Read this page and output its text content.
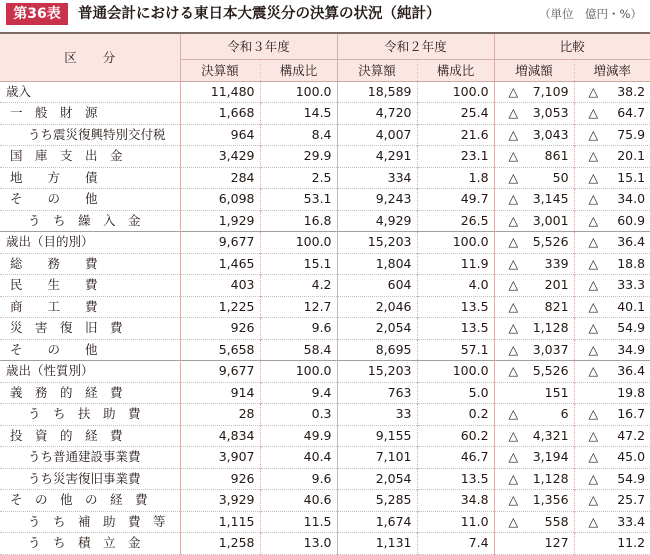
第36表	普通会計における東日本大震災分の決算の状況（純計）	（単位　億円・%）
区分	令和３年度		令和２年度		比較	
	決算額	構成比	決算額	構成比	増減額	増減率
歳入	11,480	100.0	18,589	100.0	△ 7,109	△ 38.2
一　般　財　源	1,668	14.5	4,720	25.4	△ 3,053	△ 64.7
うち震災復興特別交付税	964	8.4	4,007	21.6	△ 3,043	△ 75.9
国　庫　支　出　金	3,429	29.9	4,291	23.1	△ 861	△ 20.1
地　　方　　債	284	2.5	334	1.8	△ 50	△ 15.1
そ　　の　　他	6,098	53.1	9,243	49.7	△ 3,145	△ 34.0
う　ち　繰　入　金	1,929	16.8	4,929	26.5	△ 3,001	△ 60.9
歳出（目的別）	9,677	100.0	15,203	100.0	△ 5,526	△ 36.4
総　　務　　費	1,465	15.1	1,804	11.9	△ 339	△ 18.8
民　　生　　費	403	4.2	604	4.0	△ 201	△ 33.3
商　　工　　費	1,225	12.7	2,046	13.5	△ 821	△ 40.1
災　害　復　旧　費	926	9.6	2,054	13.5	△ 1,128	△ 54.9
そ　　の　　他	5,658	58.4	8,695	57.1	△ 3,037	△ 34.9
歳出（性質別）	9,677	100.0	15,203	100.0	△ 5,526	△ 36.4
義　務　的　経　費	914	9.4	763	5.0	151	19.8
う　ち　扶　助　費	28	0.3	33	0.2	△ 6	△ 16.7
投　資　的　経　費	4,834	49.9	9,155	60.2	△ 4,321	△ 47.2
うち普通建設事業費	3,907	40.4	7,101	46.7	△ 3,194	△ 45.0
うち災害復旧事業費	926	9.6	2,054	13.5	△ 1,128	△ 54.9
そ　の　他　の　経　費	3,929	40.6	5,285	34.8	△ 1,356	△ 25.7
う　ち　補　助　費　等	1,115	11.5	1,674	11.0	△ 558	△ 33.4
う　ち　積　立　金	1,258	13.0	1,131	7.4	127	11.2
